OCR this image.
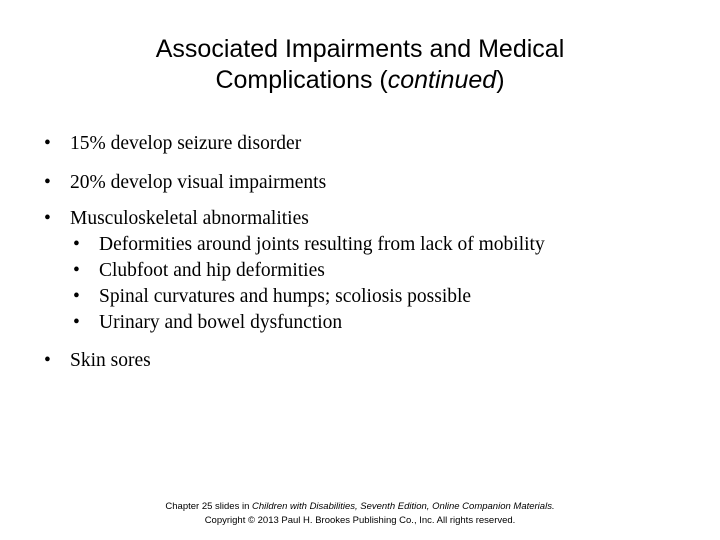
Associated Impairments and Medical
Complications (continued)
• 15% develop seizure disorder
• 20% develop visual impairments
• Musculoskeletal abnormalities
• Deformities around joints resulting from lack of mobility
• Clubfoot and hip deformities
• Spinal curvatures and humps; scoliosis possible
• Urinary and bowel dysfunction
• Skin sores
Chapter 25 slides in Children with Disabilities, Seventh Edition, Online Companion Materials.
Copyright © 2013 Paul H. Brookes Publishing Co., Inc. All rights reserved.
